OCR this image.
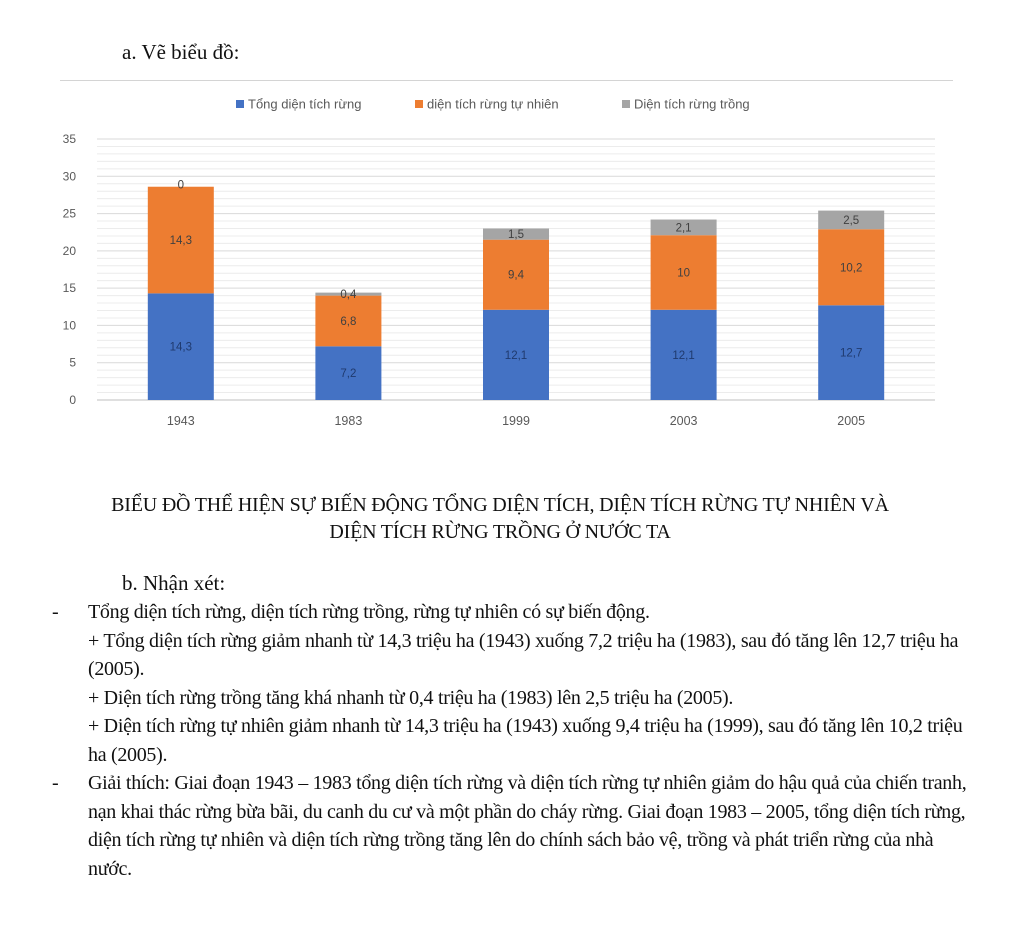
a. Vẽ biểu đồ:
0
5
10
15
20
25
30
35
14,3
14,3
0
1943
7,2
6,8
0,4
1983
12,1
9,4
1,5
1999
12,1
10
2,1
2003
12,7
10,2
2,5
2005
Tổng diện tích rừng	diện tích rừng tự nhiên	Diện tích rừng trồng
BIỂU ĐỒ THỂ HIỆN SỰ BIẾN ĐỘNG TỔNG DIỆN TÍCH, DIỆN TÍCH RỪNG TỰ NHIÊN VÀ
DIỆN TÍCH RỪNG TRỒNG Ở NƯỚC TA
b. Nhận xét:
-	Tổng diện tích rừng, diện tích rừng trồng, rừng tự nhiên có sự biến động.
+ Tổng diện tích rừng giảm nhanh từ 14,3 triệu ha (1943) xuống 7,2 triệu ha (1983), sau đó tăng lên 12,7 triệu ha (2005).
+ Diện tích rừng trồng tăng khá nhanh từ 0,4 triệu ha (1983) lên 2,5 triệu ha (2005).
+ Diện tích rừng tự nhiên giảm nhanh từ 14,3 triệu ha (1943) xuống 9,4 triệu ha (1999), sau đó tăng lên 10,2 triệu ha (2005).
-	Giải thích: Giai đoạn 1943 – 1983 tổng diện tích rừng và diện tích rừng tự nhiên giảm do hậu quả của chiến tranh, nạn khai thác rừng bừa bãi, du canh du cư và một phần do cháy rừng. Giai đoạn 1983 – 2005, tổng diện tích rừng, diện tích rừng tự nhiên và diện tích rừng trồng tăng lên do chính sách bảo vệ, trồng và phát triển rừng của nhà nước.
